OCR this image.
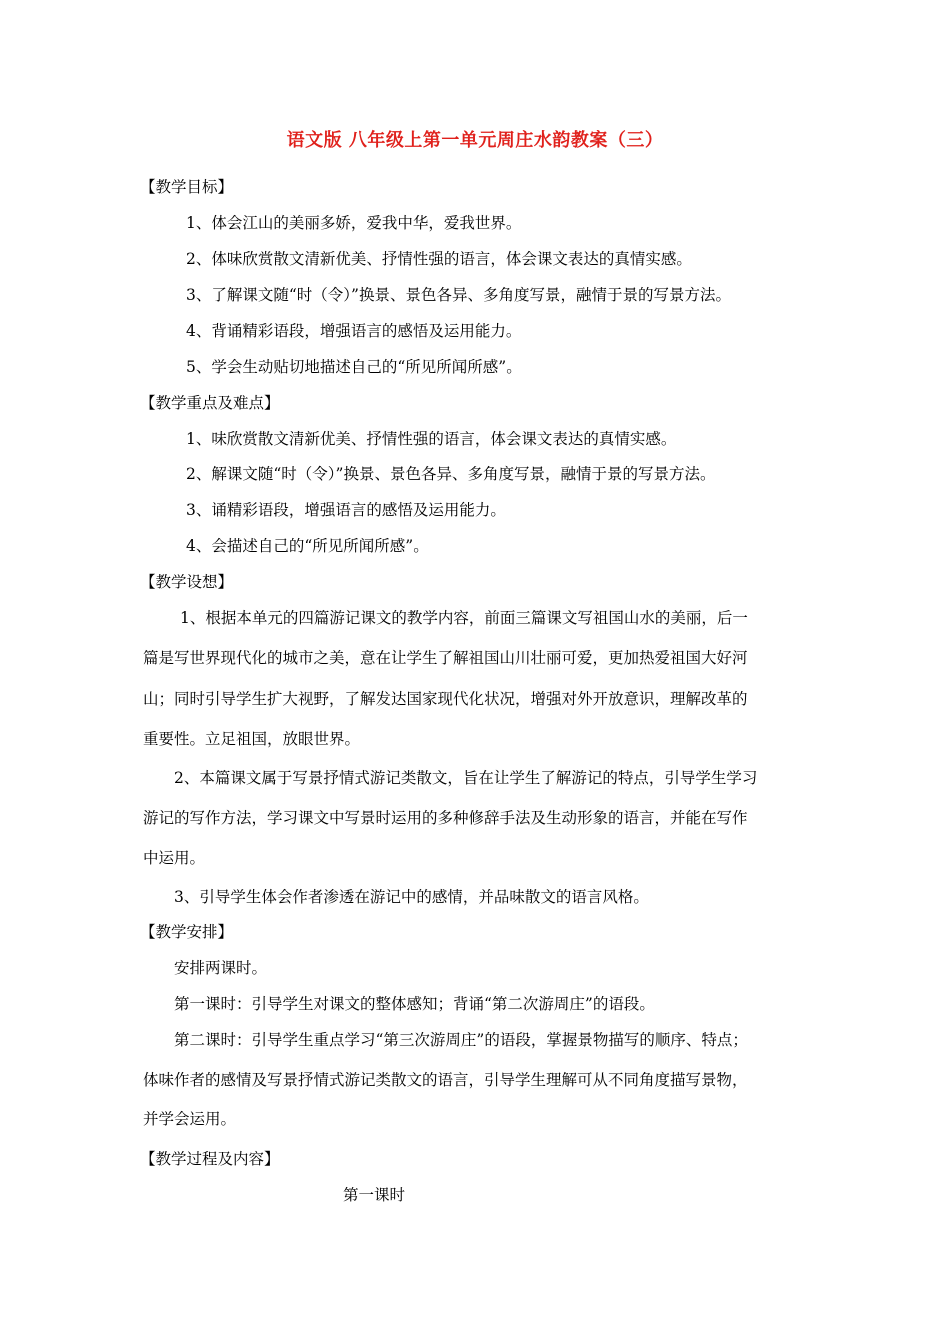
语文版 八年级上第一单元周庄水韵教案（三）
【教学目标】
1、体会江山的美丽多娇，爱我中华，爱我世界。
2、体味欣赏散文清新优美、抒情性强的语言，体会课文表达的真情实感。
3、了解课文随“时（令）”换景、景色各异、多角度写景，融情于景的写景方法。
4、背诵精彩语段，增强语言的感悟及运用能力。
5、学会生动贴切地描述自己的“所见所闻所感”。
【教学重点及难点】
1、味欣赏散文清新优美、抒情性强的语言，体会课文表达的真情实感。
2、解课文随“时（令）”换景、景色各异、多角度写景，融情于景的写景方法。
3、诵精彩语段，增强语言的感悟及运用能力。
4、会描述自己的“所见所闻所感”。
【教学设想】
1、根据本单元的四篇游记课文的教学内容，前面三篇课文写祖国山水的美丽，后一
篇是写世界现代化的城市之美，意在让学生了解祖国山川壮丽可爱，更加热爱祖国大好河
山；同时引导学生扩大视野，了解发达国家现代化状况，增强对外开放意识，理解改革的
重要性。立足祖国，放眼世界。
2、本篇课文属于写景抒情式游记类散文，旨在让学生了解游记的特点，引导学生学习
游记的写作方法，学习课文中写景时运用的多种修辞手法及生动形象的语言，并能在写作
中运用。
3、引导学生体会作者渗透在游记中的感情，并品味散文的语言风格。
【教学安排】
安排两课时。
第一课时：引导学生对课文的整体感知；背诵“第二次游周庄”的语段。
第二课时：引导学生重点学习“第三次游周庄”的语段，掌握景物描写的顺序、特点；
体味作者的感情及写景抒情式游记类散文的语言，引导学生理解可从不同角度描写景物，
并学会运用。
【教学过程及内容】
第一课时
